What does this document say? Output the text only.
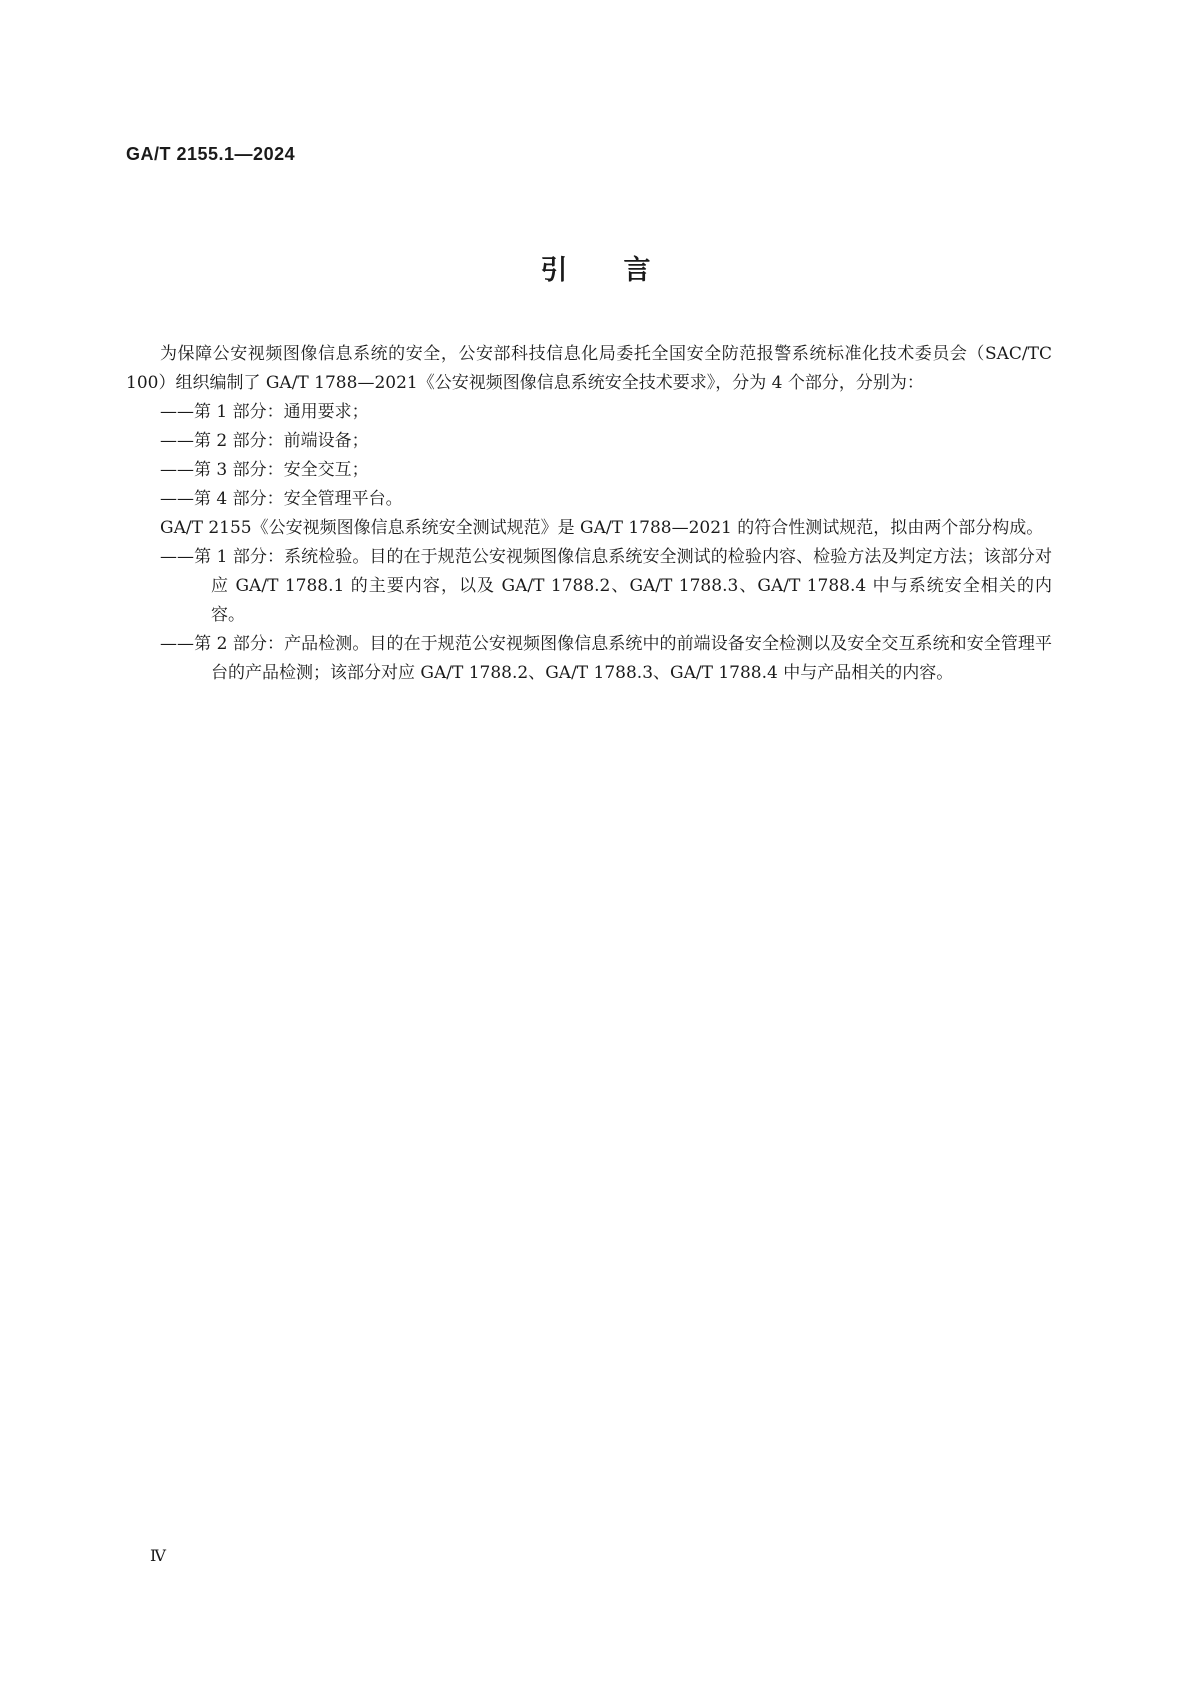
GA/T 2155.1—2024
引言

为保障公安视频图像信息系统的安全，公安部科技信息化局委托全国安全防范报警系统标准化技术委员会（SAC/TC 100）组织编制了 GA/T 1788—2021《公安视频图像信息系统安全技术要求》，分为 4 个部分，分别为：

——第 1 部分：通用要求；

——第 2 部分：前端设备；

——第 3 部分：安全交互；

——第 4 部分：安全管理平台。

GA/T 2155《公安视频图像信息系统安全测试规范》是 GA/T 1788—2021 的符合性测试规范，拟由两个部分构成。

——第 1 部分：系统检验。目的在于规范公安视频图像信息系统安全测试的检验内容、检验方法及判定方法；该部分对应 GA/T 1788.1 的主要内容，以及 GA/T 1788.2、GA/T 1788.3、GA/T 1788.4 中与系统安全相关的内容。

——第 2 部分：产品检测。目的在于规范公安视频图像信息系统中的前端设备安全检测以及安全交互系统和安全管理平台的产品检测；该部分对应 GA/T 1788.2、GA/T 1788.3、GA/T 1788.4 中与产品相关的内容。

Ⅳ
